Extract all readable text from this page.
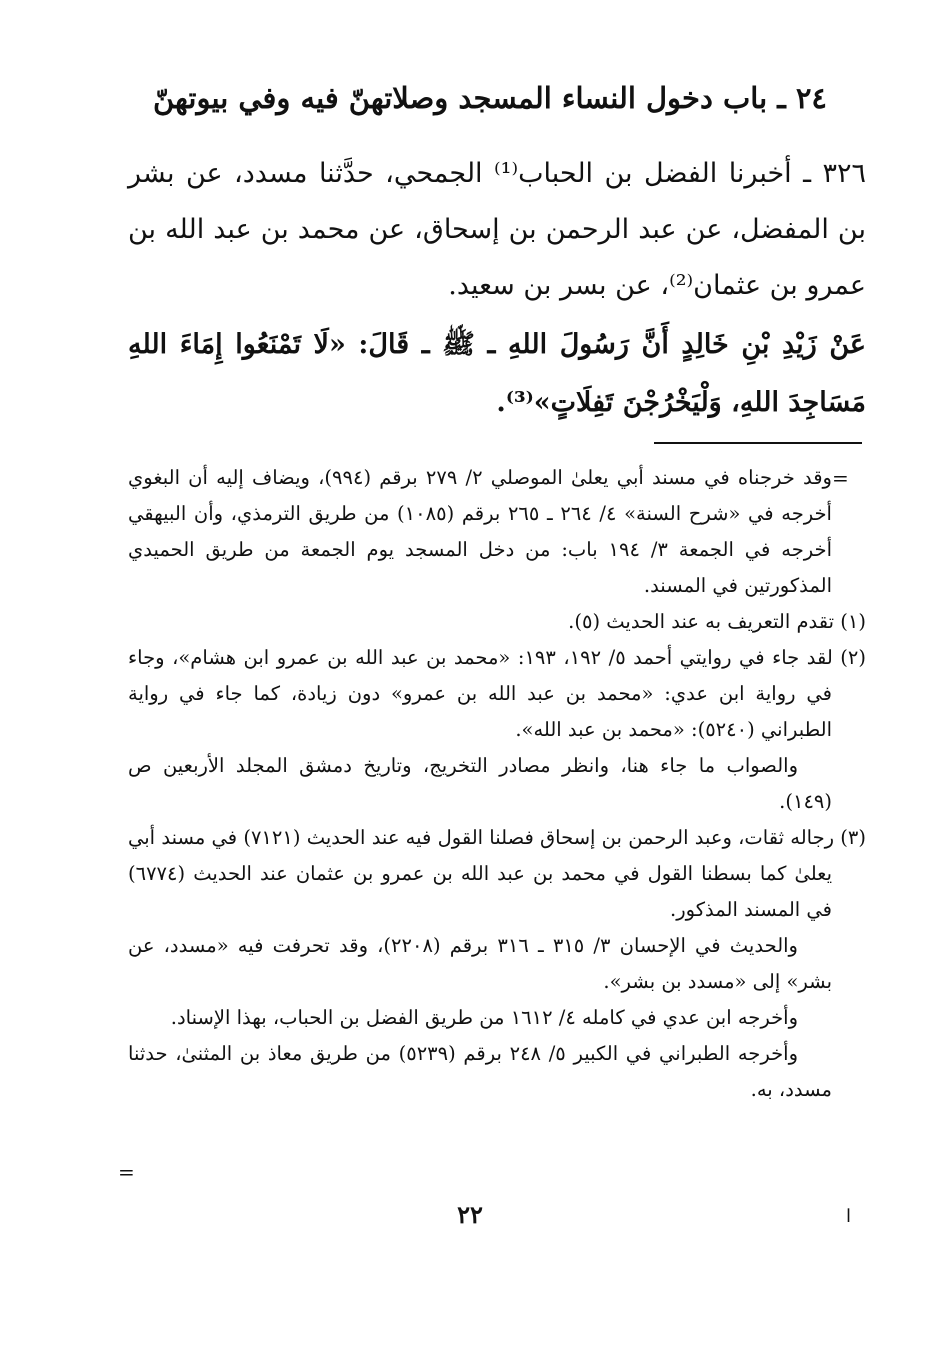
٢٤ ـ باب دخول النساء المسجد وصلاتهنّ فيه وفي بيوتهنّ

٣٢٦ ـ أخبرنا الفضل بن الحباب⁽¹⁾ الجمحي، حدَّثنا مسدد، عن بشر بن المفضل، عن عبد الرحمن بن إسحاق، عن محمد بن عبد الله بن عمرو بن عثمان⁽²⁾، عن بسر بن سعيد.

عَنْ زَيْدِ بْنِ خَالِدٍ أَنَّ رَسُولَ اللهِ ـ ﷺ ـ قَالَ: «لَا تَمْنَعُوا إِمَاءَ اللهِ مَسَاجِدَ اللهِ، وَلْيَخْرُجْنَ تَفِلَاتٍ»⁽³⁾.

=

وقد خرجناه في مسند أبي يعلىٰ الموصلي ٢/ ٢٧٩ برقم (٩٩٤)، ويضاف إليه أن البغوي أخرجه في «شرح السنة» ٤/ ٢٦٤ ـ ٢٦٥ برقم (١٠٨٥) من طريق الترمذي، وأن البيهقي أخرجه في الجمعة ٣/ ١٩٤ باب: من دخل المسجد يوم الجمعة من طريق الحميدي المذكورتين في المسند.

(١) تقدم التعريف به عند الحديث (٥).

(٢) لقد جاء في روايتي أحمد ٥/ ١٩٢، ١٩٣: «محمد بن عبد الله بن عمرو ابن هشام»، وجاء في رواية ابن عدي: «محمد بن عبد الله بن عمرو» دون زيادة، كما جاء في رواية الطبراني (٥٢٤٠): «محمد بن عبد الله».

والصواب ما جاء هنا، وانظر مصادر التخريج، وتاريخ دمشق المجلد الأربعين ص (١٤٩).

(٣) رجاله ثقات، وعبد الرحمن بن إسحاق فصلنا القول فيه عند الحديث (٧١٢١) في مسند أبي يعلىٰ كما بسطنا القول في محمد بن عبد الله بن عمرو بن عثمان عند الحديث (٦٧٧٤) في المسند المذكور.

والحديث في الإحسان ٣/ ٣١٥ ـ ٣١٦ برقم (٢٢٠٨)، وقد تحرفت فيه «مسدد، عن بشر» إلى «مسدد بن بشر».

وأخرجه ابن عدي في كامله ٤/ ١٦١٢ من طريق الفضل بن الحباب، بهذا الإسناد.

وأخرجه الطبراني في الكبير ٥/ ٢٤٨ برقم (٥٢٣٩) من طريق معاذ بن المثنىٰ، حدثنا مسدد، به.

=
٢٢	ا
